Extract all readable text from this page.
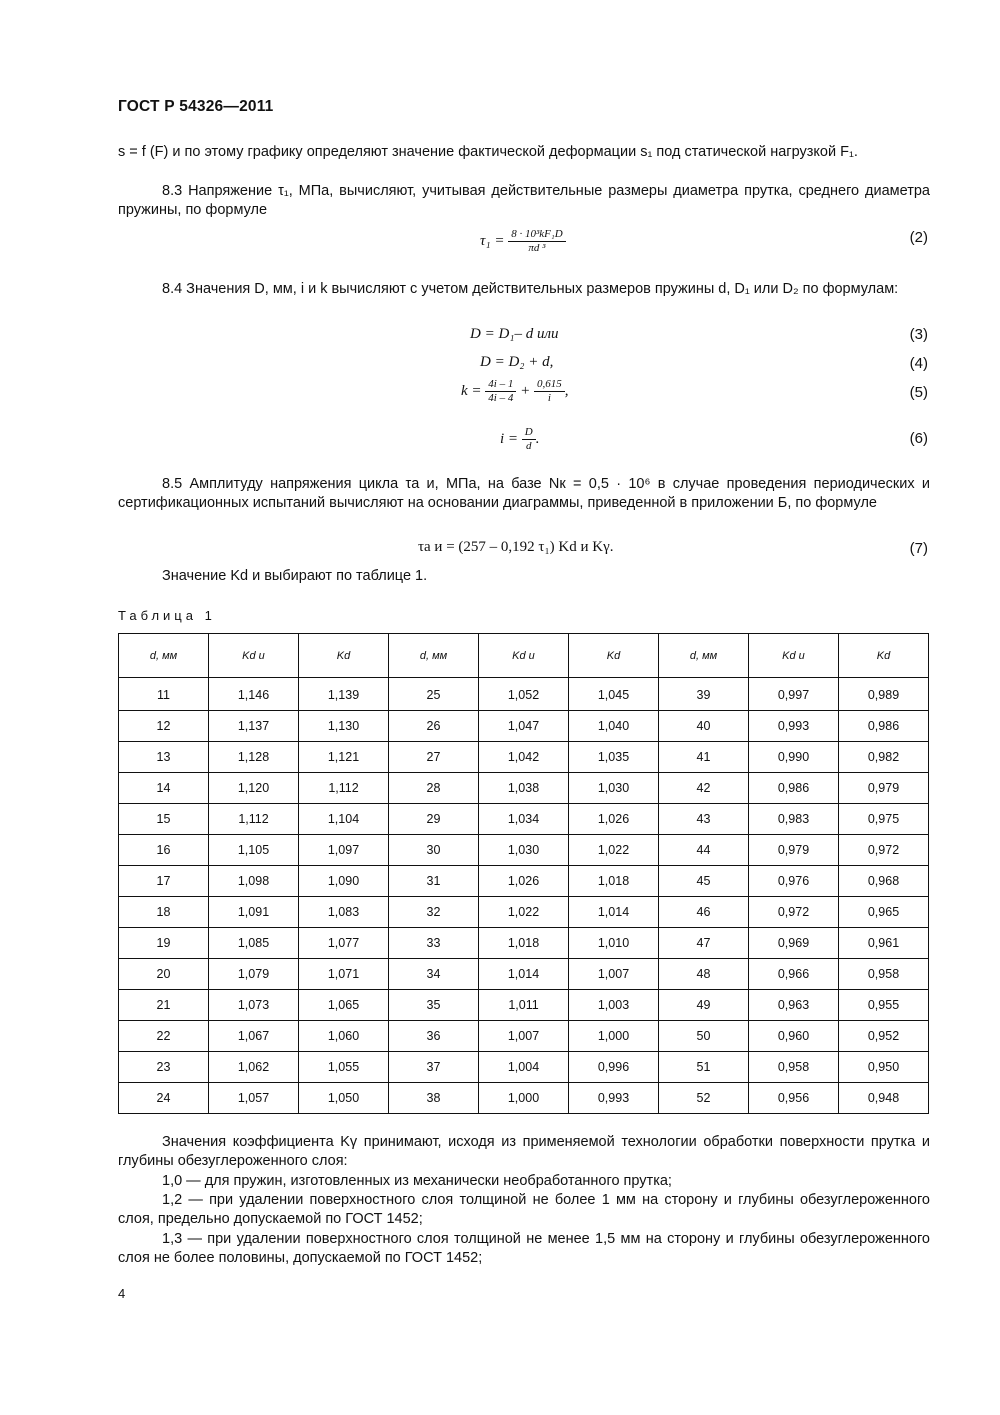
ГОСТ Р 54326—2011
s = f (F) и по этому графику определяют значение фактической деформации s₁ под статической нагрузкой F₁.
8.3 Напряжение τ₁, МПа, вычисляют, учитывая действительные размеры диаметра прутка, среднего диаметра пружины, по формуле
$\tau_1 = \frac{\text{8 · 10³kF₁D}}{\text{πd ³}}$	(2)
8.4 Значения D, мм, i и k вычисляют с учетом действительных размеров пружины d, D₁ или D₂ по формулам:
D = D₁– d или	(3)
D = D₂ + d,	(4)
$k = \frac{4i - 1}{4i - 4} + \frac{0,615}{i}$ ,	(5)
$i = \frac{D}{d}$ .	(6)
8.5 Амплитуду напряжения цикла τа и, МПа, на базе Nк = 0,5 · 10⁶ в случае проведения периодических и сертификационных испытаний вычисляют на основании диаграммы, приведенной в приложении Б, по формуле
τа и = (257 – 0,192 τ₁) Kd и Kγ.	(7)
Значение Kd и выбирают по таблице 1.
Таблица 1
d, мм	Kd и	Kd	d, мм	Kd и	Kd	d, мм	Kd и	Kd
11	1,146	1,139	25	1,052	1,045	39	0,997	0,989
12	1,137	1,130	26	1,047	1,040	40	0,993	0,986
13	1,128	1,121	27	1,042	1,035	41	0,990	0,982
14	1,120	1,112	28	1,038	1,030	42	0,986	0,979
15	1,112	1,104	29	1,034	1,026	43	0,983	0,975
16	1,105	1,097	30	1,030	1,022	44	0,979	0,972
17	1,098	1,090	31	1,026	1,018	45	0,976	0,968
18	1,091	1,083	32	1,022	1,014	46	0,972	0,965
19	1,085	1,077	33	1,018	1,010	47	0,969	0,961
20	1,079	1,071	34	1,014	1,007	48	0,966	0,958
21	1,073	1,065	35	1,011	1,003	49	0,963	0,955
22	1,067	1,060	36	1,007	1,000	50	0,960	0,952
23	1,062	1,055	37	1,004	0,996	51	0,958	0,950
24	1,057	1,050	38	1,000	0,993	52	0,956	0,948
Значения коэффициента Kγ принимают, исходя из применяемой технологии обработки поверхности прутка и глубины обезуглероженного слоя:
1,0 — для пружин, изготовленных из механически необработанного прутка;
1,2 — при удалении поверхностного слоя толщиной не более 1 мм на сторону и глубины обезуглероженного слоя, предельно допускаемой по ГОСТ 1452;
1,3 — при удалении поверхностного слоя толщиной не менее 1,5 мм на сторону и глубины обезуглероженного слоя не более половины, допускаемой по ГОСТ 1452;
4
